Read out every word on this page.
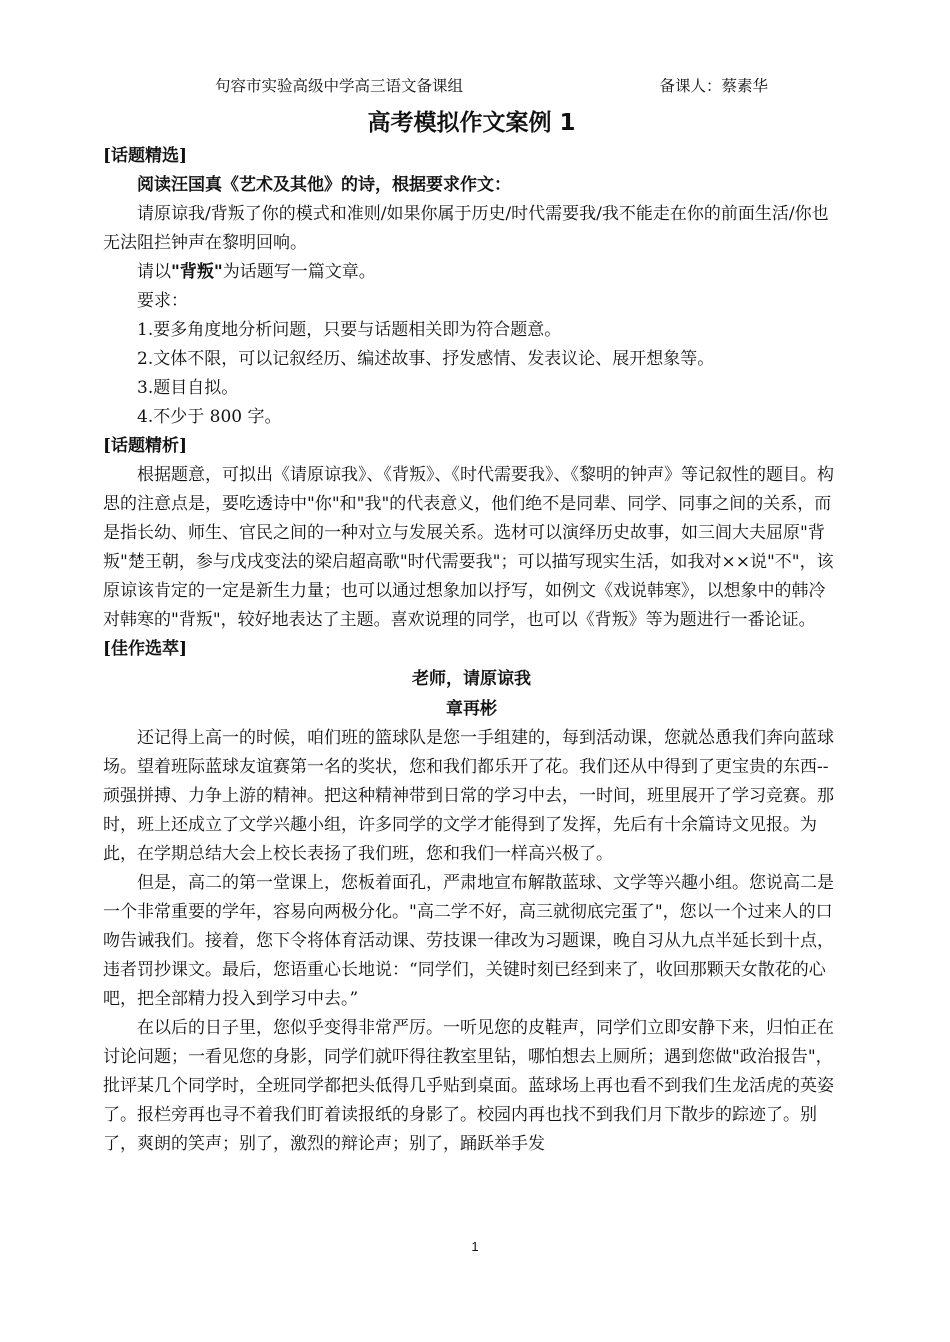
句容市实验高级中学高三语文备课组	备课人：蔡素华
高考模拟作文案例 1

[话题精选]

阅读汪国真《艺术及其他》的诗，根据要求作文：

请原谅我/背叛了你的模式和准则/如果你属于历史/时代需要我/我不能走在你的前面生活/你也无法阻拦钟声在黎明回响。

请以"背叛"为话题写一篇文章。

要求：

1.要多角度地分析问题，只要与话题相关即为符合题意。

2.文体不限，可以记叙经历、编述故事、抒发感情、发表议论、展开想象等。

3.题目自拟。

4.不少于 800 字。

[话题精析]

根据题意，可拟出《请原谅我》、《背叛》、《时代需要我》、《黎明的钟声》等记叙性的题目。构思的注意点是，要吃透诗中"你"和"我"的代表意义，他们绝不是同辈、同学、同事之间的关系，而是指长幼、师生、官民之间的一种对立与发展关系。选材可以演绎历史故事，如三闾大夫屈原"背叛"楚王朝，参与戊戌变法的梁启超高歌"时代需要我"；可以描写现实生活，如我对××说"不"，该原谅该肯定的一定是新生力量；也可以通过想象加以抒写，如例文《戏说韩寒》，以想象中的韩冷对韩寒的"背叛"，较好地表达了主题。喜欢说理的同学，也可以《背叛》等为题进行一番论证。

[佳作选萃]

老师，请原谅我
章再彬

还记得上高一的时候，咱们班的篮球队是您一手组建的，每到活动课，您就怂恿我们奔向蓝球场。望着班际蓝球友谊赛第一名的奖状，您和我们都乐开了花。我们还从中得到了更宝贵的东西--顽强拼搏、力争上游的精神。把这种精神带到日常的学习中去，一时间，班里展开了学习竞赛。那时，班上还成立了文学兴趣小组，许多同学的文学才能得到了发挥，先后有十余篇诗文见报。为此，在学期总结大会上校长表扬了我们班，您和我们一样高兴极了。

但是，高二的第一堂课上，您板着面孔，严肃地宣布解散蓝球、文学等兴趣小组。您说高二是一个非常重要的学年，容易向两极分化。"高二学不好，高三就彻底完蛋了"，您以一个过来人的口吻告诫我们。接着，您下令将体育活动课、劳技课一律改为习题课，晚自习从九点半延长到十点，违者罚抄课文。最后，您语重心长地说：“同学们，关键时刻已经到来了，收回那颗天女散花的心吧，把全部精力投入到学习中去。”

在以后的日子里，您似乎变得非常严厉。一听见您的皮鞋声，同学们立即安静下来，归怕正在讨论问题；一看见您的身影，同学们就吓得往教室里钻，哪怕想去上厕所；遇到您做"政治报告"，批评某几个同学时，全班同学都把头低得几乎贴到桌面。蓝球场上再也看不到我们生龙活虎的英姿了。报栏旁再也寻不着我们盯着读报纸的身影了。校园内再也找不到我们月下散步的踪迹了。别了，爽朗的笑声；别了，激烈的辩论声；别了，踊跃举手发

1
